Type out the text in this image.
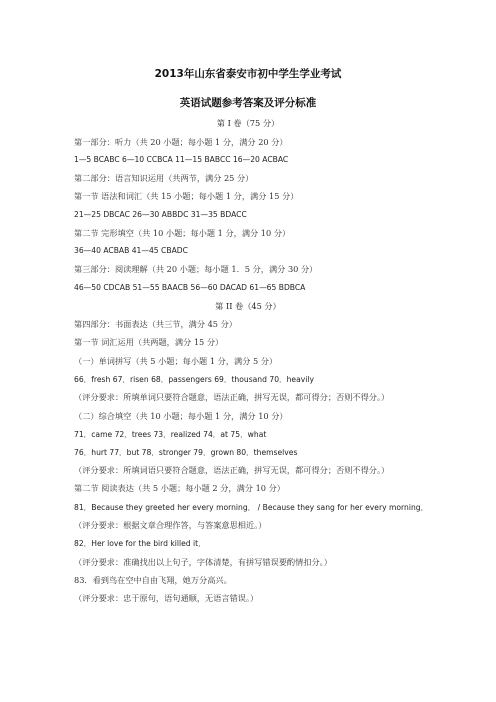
2013年山东省泰安市初中学生学业考试
英语试题参考答案及评分标准
第 I 卷（75 分）
第一部分：听力（共 20 小题；每小题 1 分，满分 20 分）
1—5 BCABC 6—10 CCBCA 11—15 BABCC 16—20 ACBAC
第二部分：语言知识运用（共两节，满分 25 分）
第一节 语法和词汇（共 15 小题；每小题 1 分，满分 15 分）
21—25 DBCAC 26—30 ABBDC 31—35 BDACC
第二节 完形填空（共 10 小题；每小题 1 分，满分 10 分）
36—40 ACBAB 41—45 CBADC
第三部分：阅读理解（共 20 小题；每小题 1．5 分，满分 30 分）
46—50 CDCAB 51—55 BAACB 56—60 DACAD 61—65 BDBCA
第 II 卷（45 分）
第四部分：书面表达（共三节，满分 45 分）
第一节 词汇运用（共两题，满分 15 分）
（一）单词拼写（共 5 小题；每小题 1 分，满分 5 分）
66．fresh 67．risen 68．passengers 69．thousand 70．heavily
（评分要求：所填单词只要符合题意，语法正确，拼写无误，都可得分；否则不得分。）
（二）综合填空（共 10 小题；每小题 1 分，满分 10 分）
71．came 72．trees 73．realized 74．at 75．what
76．hurt 77．but 78．stronger 79．grown 80．themselves
（评分要求：所填词语只要符合题意，语法正确，拼写无误，都可得分；否则不得分。）
第二节 阅读表达（共 5 小题；每小题 2 分，满分 10 分）
81．Because they greeted her every morning． / Because they sang for her every morning．
（评分要求：根据文章合理作答，与答案意思相近。）
82．Her love for the bird killed it．
（评分要求：准确找出以上句子，字体清楚，有拼写错误要酌情扣分。）
83．看到鸟在空中自由飞翔，她万分高兴。
（评分要求：忠于原句，语句通顺，无语言错误。）
